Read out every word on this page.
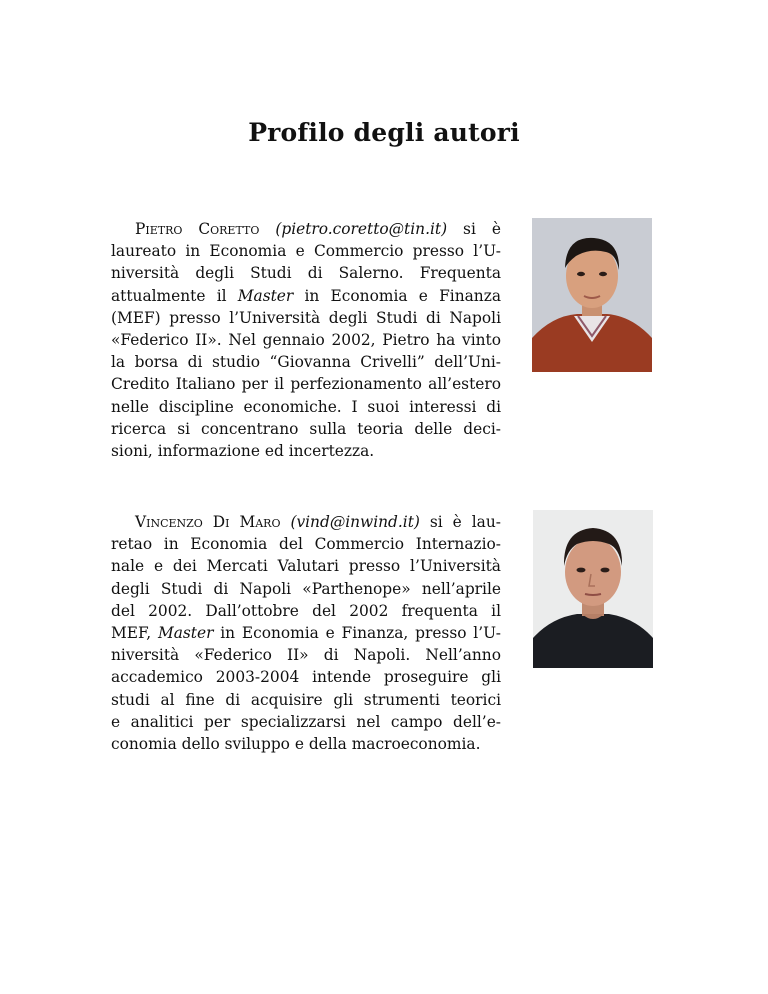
Profilo degli autori
Pietro Coretto (pietro.coretto@tin.it) si è
laureato in Economia e Commercio presso l’U-
niversità degli Studi di Salerno. Frequenta
attualmente il Master in Economia e Finanza
(MEF) presso l’Università degli Studi di Napoli
«Federico II». Nel gennaio 2002, Pietro ha vinto
la borsa di studio “Giovanna Crivelli” dell’Uni-
Credito Italiano per il perfezionamento all’estero
nelle discipline economiche. I suoi interessi di
ricerca si concentrano sulla teoria delle deci-
sioni, informazione ed incertezza.
Vincenzo Di Maro (vind@inwind.it) si è lau-
retao in Economia del Commercio Internazio-
nale e dei Mercati Valutari presso l’Università
degli Studi di Napoli «Parthenope» nell’aprile
del 2002. Dall’ottobre del 2002 frequenta il
MEF, Master in Economia e Finanza, presso l’U-
niversità «Federico II» di Napoli. Nell’anno
accademico 2003-2004 intende proseguire gli
studi al fine di acquisire gli strumenti teorici
e analitici per specializzarsi nel campo dell’e-
conomia dello sviluppo e della macroeconomia.
